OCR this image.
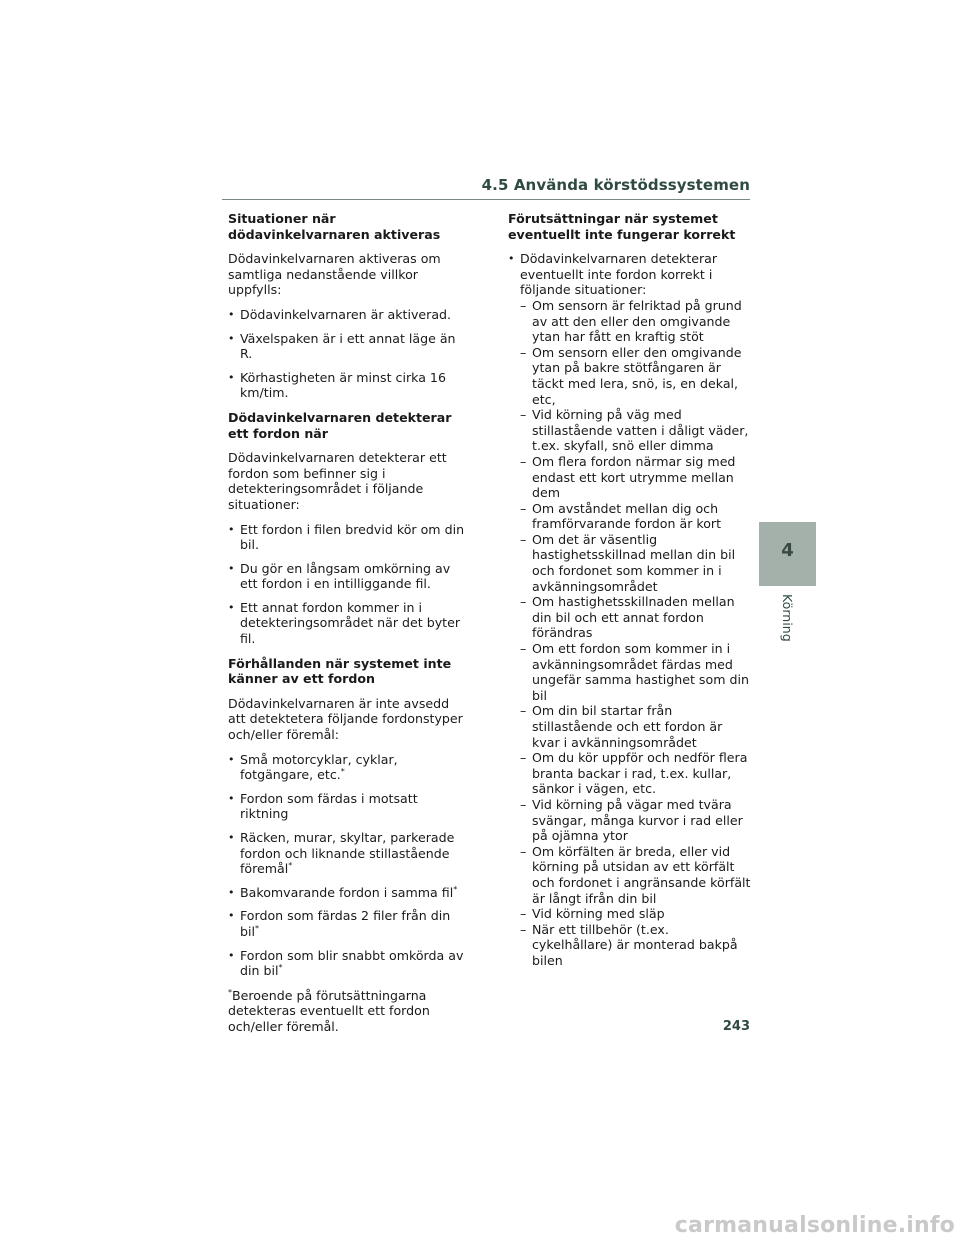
4.5 Använda körstödssystemen
Situationer när dödavinkelvarnaren aktiveras

Dödavinkelvarnaren aktiveras om samtliga nedanstående villkor uppfylls:

• Dödavinkelvarnaren är aktiverad.
• Växelspaken är i ett annat läge än R.
• Körhastigheten är minst cirka 16 km/tim.
Dödavinkelvarnaren detekterar ett fordon när

Dödavinkelvarnaren detekterar ett fordon som befinner sig i detekteringsområdet i följande situationer:

• Ett fordon i filen bredvid kör om din bil.
• Du gör en långsam omkörning av ett fordon i en intilliggande fil.
• Ett annat fordon kommer in i detekteringsområdet när det byter fil.
Förhållanden när systemet inte känner av ett fordon

Dödavinkelvarnaren är inte avsedd att detektetera följande fordonstyper och/eller föremål:

• Små motorcyklar, cyklar, fotgängare, etc.*
• Fordon som färdas i motsatt riktning
• Räcken, murar, skyltar, parkerade fordon och liknande stillastående föremål*
• Bakomvarande fordon i samma fil*
• Fordon som färdas 2 filer från din bil*
• Fordon som blir snabbt omkörda av din bil*

*Beroende på förutsättningarna detekteras eventuellt ett fordon och/eller föremål.

Förutsättningar när systemet eventuellt inte fungerar korrekt
• Dödavinkelvarnaren detekterar eventuellt inte fordon korrekt i följande situationer:
– Om sensorn är felriktad på grund av att den eller den omgivande ytan har fått en kraftig stöt
– Om sensorn eller den omgivande ytan på bakre stötfångaren är täckt med lera, snö, is, en dekal, etc,
– Vid körning på väg med stillastående vatten i dåligt väder, t.ex. skyfall, snö eller dimma
– Om flera fordon närmar sig med endast ett kort utrymme mellan dem
– Om avståndet mellan dig och framförvarande fordon är kort
– Om det är väsentlig hastighetsskillnad mellan din bil och fordonet som kommer in i avkänningsområdet
– Om hastighetsskillnaden mellan din bil och ett annat fordon förändras
– Om ett fordon som kommer in i avkänningsområdet färdas med ungefär samma hastighet som din bil
– Om din bil startar från stillastående och ett fordon är kvar i avkänningsområdet
– Om du kör uppför och nedför flera branta backar i rad, t.ex. kullar, sänkor i vägen, etc.
– Vid körning på vägar med tvära svängar, många kurvor i rad eller på ojämna ytor
– Om körfälten är breda, eller vid körning på utsidan av ett körfält och fordonet i angränsande körfält är långt ifrån din bil
– Vid körning med släp
– När ett tillbehör (t.ex. cykelhållare) är monterad bakpå bilen
4
Körning
243
carmanualsonline.info
